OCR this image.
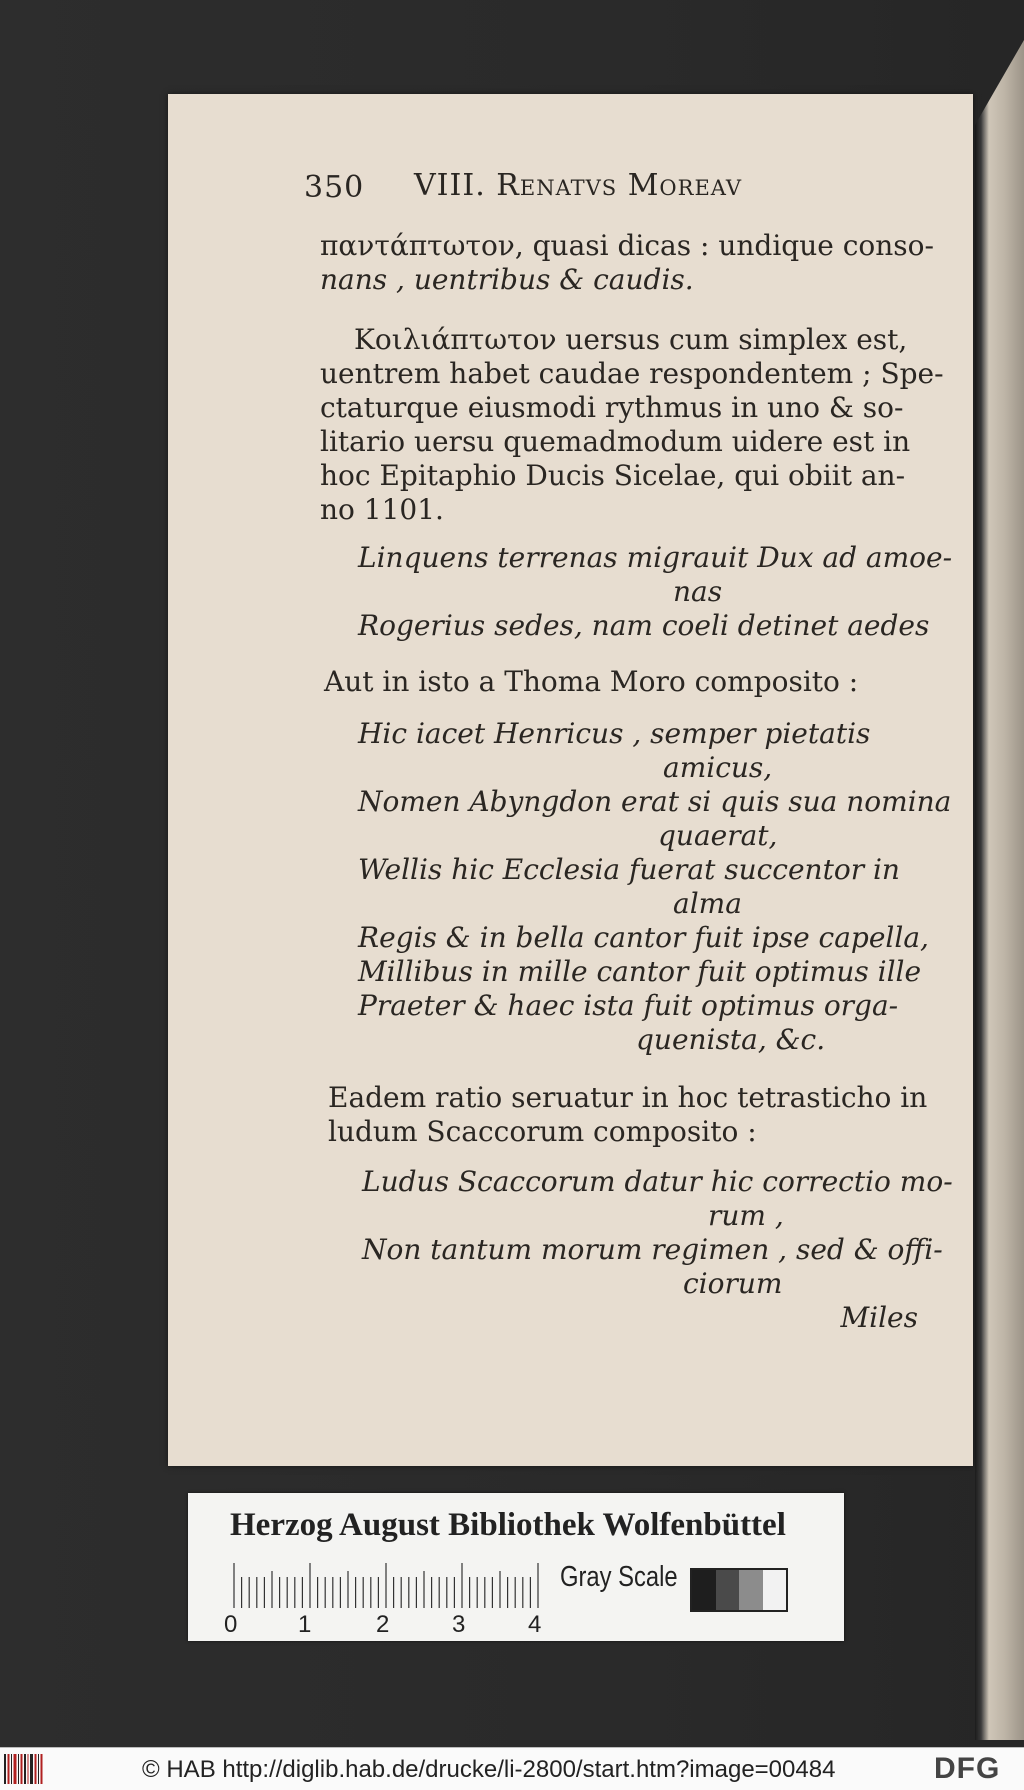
350 VIII. Renatvs Moreav
παντάπτωτον, quasi dicas : undique conso-
nans , uentribus & caudis.
Κοιλιάπτωτον uersus cum simplex est,
uentrem habet caudae respondentem ; Spe-
ctaturque eiusmodi rythmus in uno & so-
litario uersu quemadmodum uidere est in
hoc Epitaphio Ducis Sicelae, qui obiit an-
no 1101.
Linquens terrenas migrauit Dux ad amoe-
nas
Rogerius sedes, nam coeli detinet aedes
Aut in isto a Thoma Moro composito :
Hic iacet Henricus , semper pietatis
amicus,
Nomen Abyngdon erat si quis sua nomina
quaerat,
Wellis hic Ecclesia fuerat succentor in
alma
Regis & in bella cantor fuit ipse capella,
Millibus in mille cantor fuit optimus ille
Praeter & haec ista fuit optimus orga-
quenista, &c.
Eadem ratio seruatur in hoc tetrasticho in
ludum Scaccorum composito :
Ludus Scaccorum datur hic correctio mo-
rum ,
Non tantum morum regimen , sed & offi-
ciorum
Miles
Herzog August Bibliothek Wolfenbüttel
0	1	2	3	4
Gray Scale
© HAB http://diglib.hab.de/drucke/li-2800/start.htm?image=00484	DFG
